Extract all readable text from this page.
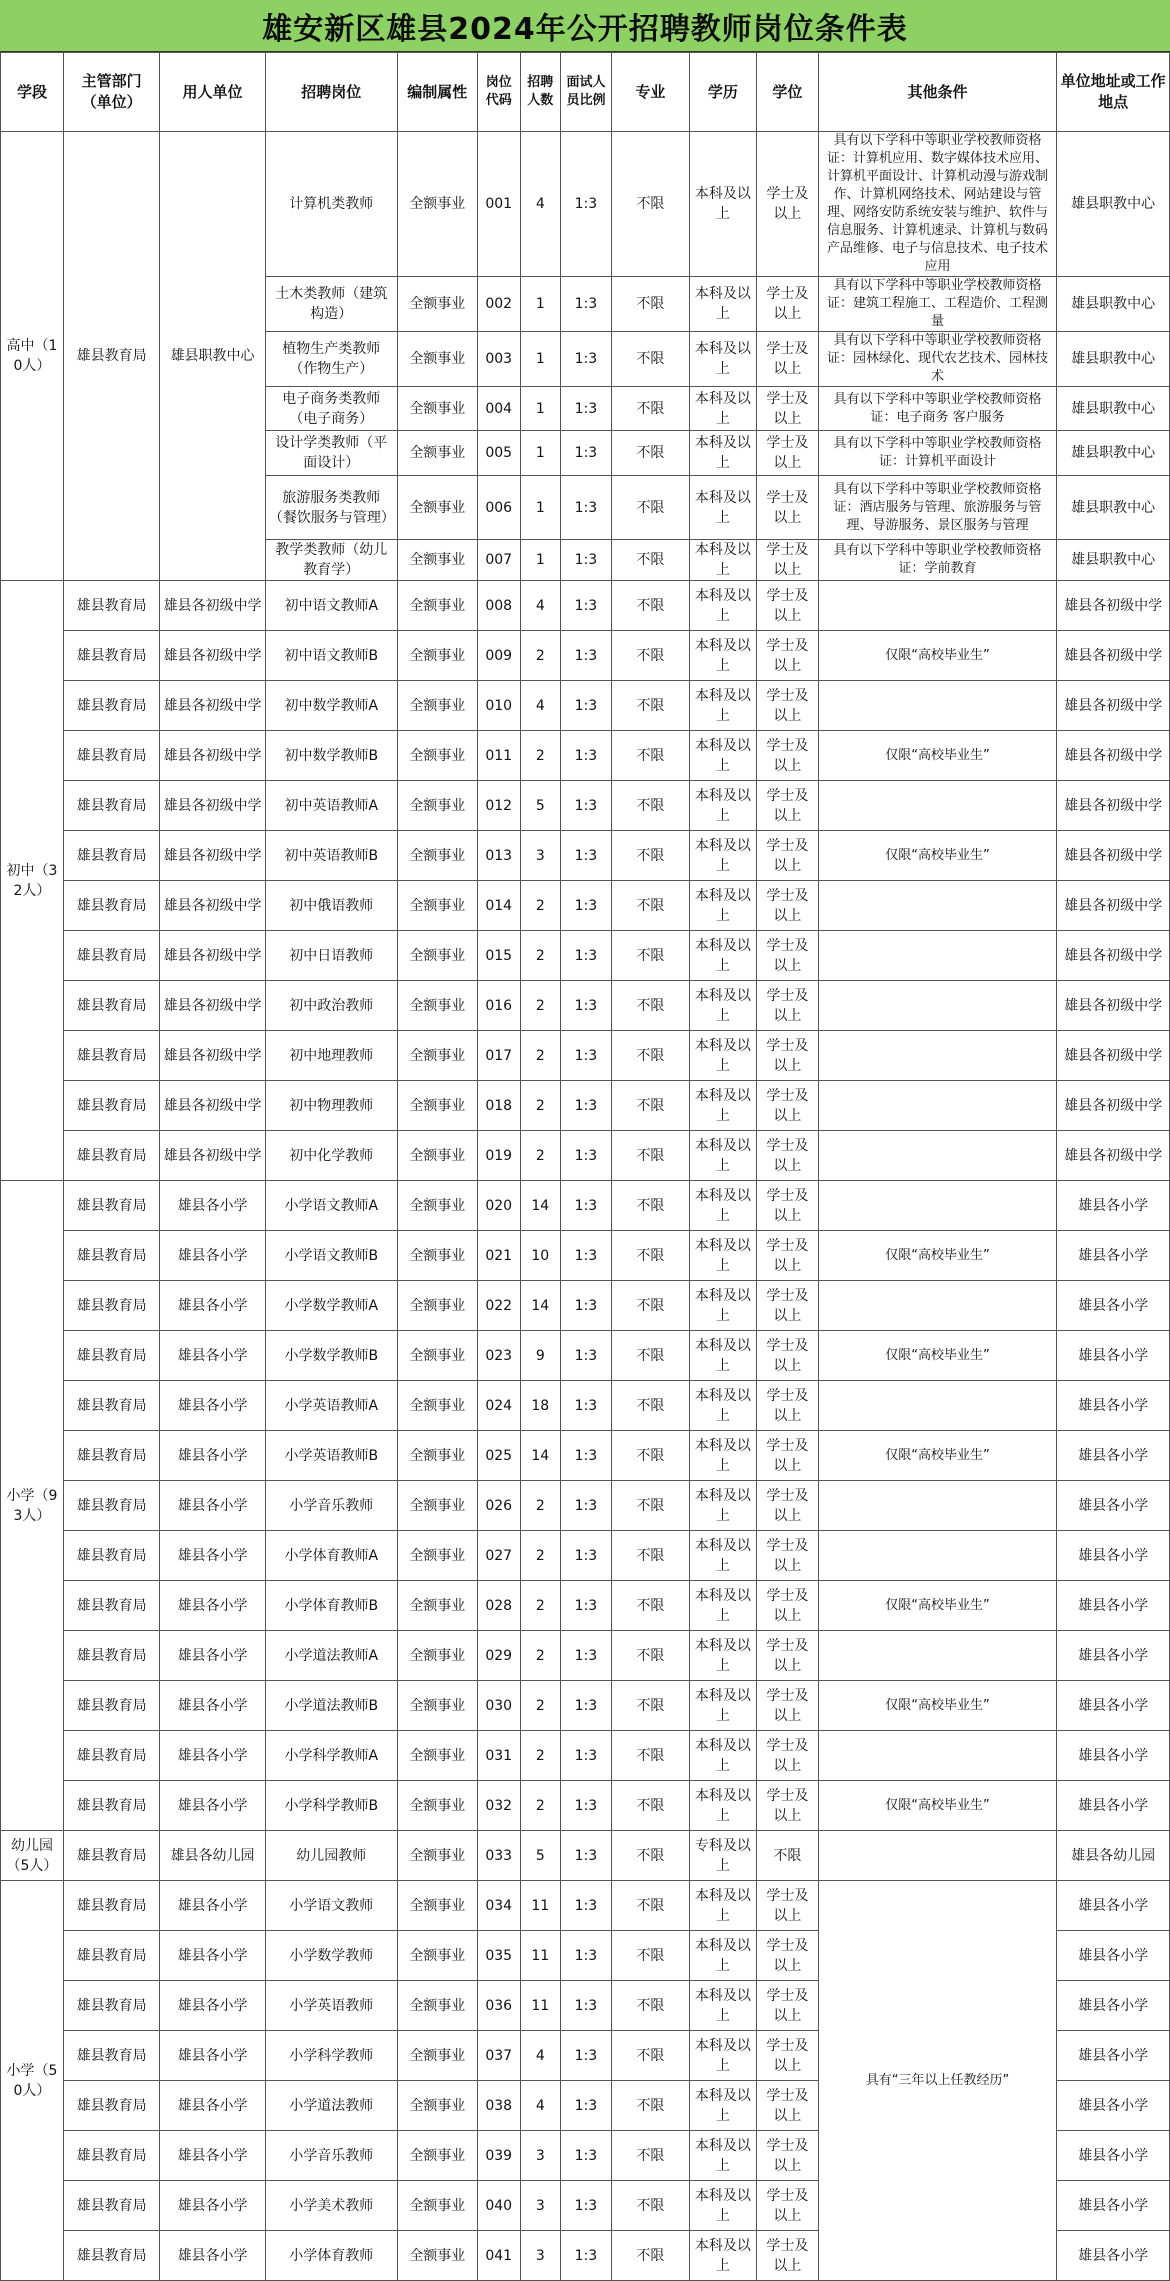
雄安新区雄县2024年公开招聘教师岗位条件表
学段	主管部门（单位）	用人单位	招聘岗位	编制属性	岗位代码	招聘人数	面试人员比例	专业	学历	学位	其他条件	单位地址或工作地点
高中（10人）	雄县教育局	雄县职教中心	计算机类教师	全额事业	001	4	1:3	不限	本科及以上	学士及以上	具有以下学科中等职业学校教师资格证：计算机应用、数字媒体技术应用、计算机平面设计、计算机动漫与游戏制作、计算机网络技术、网站建设与管理、网络安防系统安装与维护、软件与信息服务、计算机速录、计算机与数码产品维修、电子与信息技术、电子技术应用	雄县职教中心
			土木类教师（建筑构造）	全额事业	002	1	1:3	不限	本科及以上	学士及以上	具有以下学科中等职业学校教师资格证：建筑工程施工、工程造价、工程测量	雄县职教中心
			植物生产类教师（作物生产）	全额事业	003	1	1:3	不限	本科及以上	学士及以上	具有以下学科中等职业学校教师资格证：园林绿化、现代农艺技术、园林技术	雄县职教中心
			电子商务类教师（电子商务）	全额事业	004	1	1:3	不限	本科及以上	学士及以上	具有以下学科中等职业学校教师资格证：电子商务 客户服务	雄县职教中心
			设计学类教师（平面设计）	全额事业	005	1	1:3	不限	本科及以上	学士及以上	具有以下学科中等职业学校教师资格证：计算机平面设计	雄县职教中心
			旅游服务类教师（餐饮服务与管理）	全额事业	006	1	1:3	不限	本科及以上	学士及以上	具有以下学科中等职业学校教师资格证：酒店服务与管理、旅游服务与管理、导游服务、景区服务与管理	雄县职教中心
			教学类教师（幼儿教育学）	全额事业	007	1	1:3	不限	本科及以上	学士及以上	具有以下学科中等职业学校教师资格证：学前教育	雄县职教中心
初中（32人）	雄县教育局	雄县各初级中学	初中语文教师A	全额事业	008	4	1:3	不限	本科及以上	学士及以上		雄县各初级中学
	雄县教育局	雄县各初级中学	初中语文教师B	全额事业	009	2	1:3	不限	本科及以上	学士及以上	仅限“高校毕业生”	雄县各初级中学
	雄县教育局	雄县各初级中学	初中数学教师A	全额事业	010	4	1:3	不限	本科及以上	学士及以上		雄县各初级中学
	雄县教育局	雄县各初级中学	初中数学教师B	全额事业	011	2	1:3	不限	本科及以上	学士及以上	仅限“高校毕业生”	雄县各初级中学
	雄县教育局	雄县各初级中学	初中英语教师A	全额事业	012	5	1:3	不限	本科及以上	学士及以上		雄县各初级中学
	雄县教育局	雄县各初级中学	初中英语教师B	全额事业	013	3	1:3	不限	本科及以上	学士及以上	仅限“高校毕业生”	雄县各初级中学
	雄县教育局	雄县各初级中学	初中俄语教师	全额事业	014	2	1:3	不限	本科及以上	学士及以上		雄县各初级中学
	雄县教育局	雄县各初级中学	初中日语教师	全额事业	015	2	1:3	不限	本科及以上	学士及以上		雄县各初级中学
	雄县教育局	雄县各初级中学	初中政治教师	全额事业	016	2	1:3	不限	本科及以上	学士及以上		雄县各初级中学
	雄县教育局	雄县各初级中学	初中地理教师	全额事业	017	2	1:3	不限	本科及以上	学士及以上		雄县各初级中学
	雄县教育局	雄县各初级中学	初中物理教师	全额事业	018	2	1:3	不限	本科及以上	学士及以上		雄县各初级中学
	雄县教育局	雄县各初级中学	初中化学教师	全额事业	019	2	1:3	不限	本科及以上	学士及以上		雄县各初级中学
小学（93人）	雄县教育局	雄县各小学	小学语文教师A	全额事业	020	14	1:3	不限	本科及以上	学士及以上		雄县各小学
	雄县教育局	雄县各小学	小学语文教师B	全额事业	021	10	1:3	不限	本科及以上	学士及以上	仅限“高校毕业生”	雄县各小学
	雄县教育局	雄县各小学	小学数学教师A	全额事业	022	14	1:3	不限	本科及以上	学士及以上		雄县各小学
	雄县教育局	雄县各小学	小学数学教师B	全额事业	023	9	1:3	不限	本科及以上	学士及以上	仅限“高校毕业生”	雄县各小学
	雄县教育局	雄县各小学	小学英语教师A	全额事业	024	18	1:3	不限	本科及以上	学士及以上		雄县各小学
	雄县教育局	雄县各小学	小学英语教师B	全额事业	025	14	1:3	不限	本科及以上	学士及以上	仅限“高校毕业生”	雄县各小学
	雄县教育局	雄县各小学	小学音乐教师	全额事业	026	2	1:3	不限	本科及以上	学士及以上		雄县各小学
	雄县教育局	雄县各小学	小学体育教师A	全额事业	027	2	1:3	不限	本科及以上	学士及以上		雄县各小学
	雄县教育局	雄县各小学	小学体育教师B	全额事业	028	2	1:3	不限	本科及以上	学士及以上	仅限“高校毕业生”	雄县各小学
	雄县教育局	雄县各小学	小学道法教师A	全额事业	029	2	1:3	不限	本科及以上	学士及以上		雄县各小学
	雄县教育局	雄县各小学	小学道法教师B	全额事业	030	2	1:3	不限	本科及以上	学士及以上	仅限“高校毕业生”	雄县各小学
	雄县教育局	雄县各小学	小学科学教师A	全额事业	031	2	1:3	不限	本科及以上	学士及以上		雄县各小学
	雄县教育局	雄县各小学	小学科学教师B	全额事业	032	2	1:3	不限	本科及以上	学士及以上	仅限“高校毕业生”	雄县各小学
幼儿园（5人）	雄县教育局	雄县各幼儿园	幼儿园教师	全额事业	033	5	1:3	不限	专科及以上	不限		雄县各幼儿园
小学（50人）	雄县教育局	雄县各小学	小学语文教师	全额事业	034	11	1:3	不限	本科及以上	学士及以上	具有“三年以上任教经历”	雄县各小学
	雄县教育局	雄县各小学	小学数学教师	全额事业	035	11	1:3	不限	本科及以上	学士及以上		雄县各小学
	雄县教育局	雄县各小学	小学英语教师	全额事业	036	11	1:3	不限	本科及以上	学士及以上		雄县各小学
	雄县教育局	雄县各小学	小学科学教师	全额事业	037	4	1:3	不限	本科及以上	学士及以上		雄县各小学
	雄县教育局	雄县各小学	小学道法教师	全额事业	038	4	1:3	不限	本科及以上	学士及以上		雄县各小学
	雄县教育局	雄县各小学	小学音乐教师	全额事业	039	3	1:3	不限	本科及以上	学士及以上		雄县各小学
	雄县教育局	雄县各小学	小学美术教师	全额事业	040	3	1:3	不限	本科及以上	学士及以上		雄县各小学
	雄县教育局	雄县各小学	小学体育教师	全额事业	041	3	1:3	不限	本科及以上	学士及以上		雄县各小学
